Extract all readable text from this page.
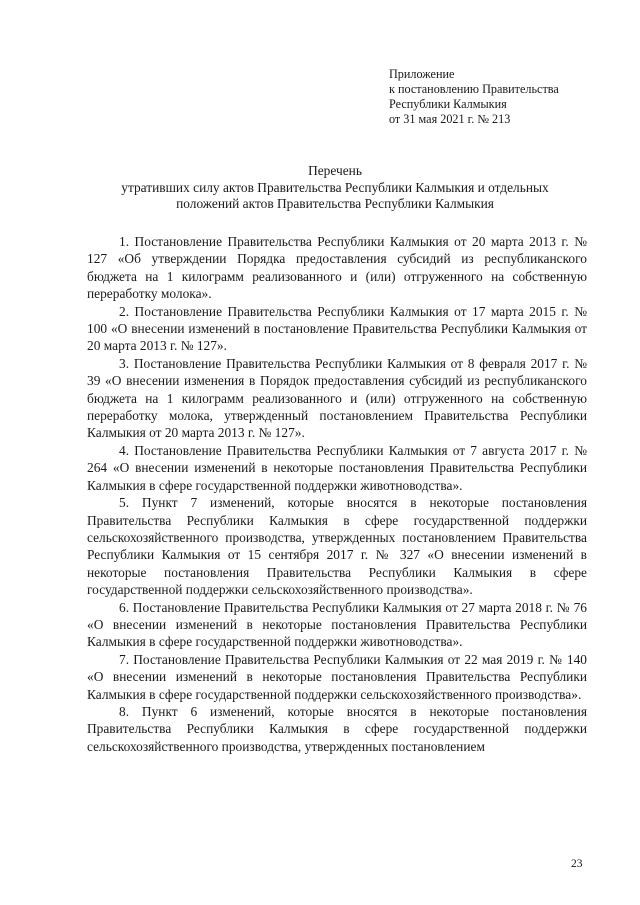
Приложение
к постановлению Правительства
Республики Калмыкия
от 31 мая 2021 г. № 213
Перечень
утративших силу актов Правительства Республики Калмыкия и отдельных
положений актов Правительства Республики Калмыкия

1. Постановление Правительства Республики Калмыкия от 20 марта 2013 г. № 127 «Об утверждении Порядка предоставления субсидий из республиканского бюджета на 1 килограмм реализованного и (или) отгруженного на собственную переработку молока».

2. Постановление Правительства Республики Калмыкия от 17 марта 2015 г. № 100 «О внесении изменений в постановление Правительства Республики Калмыкия от 20 марта 2013 г. № 127».

3. Постановление Правительства Республики Калмыкия от 8 февраля 2017 г. № 39 «О внесении изменения в Порядок предоставления субсидий из республиканского бюджета на 1 килограмм реализованного и (или) отгруженного на собственную переработку молока, утвержденный постановлением Правительства Республики Калмыкия от 20 марта 2013 г. № 127».

4. Постановление Правительства Республики Калмыкия от 7 августа 2017 г. № 264 «О внесении изменений в некоторые постановления Правительства Республики Калмыкия в сфере государственной поддержки животноводства».

5. Пункт 7 изменений, которые вносятся в некоторые постановления Правительства Республики Калмыкия в сфере государственной поддержки сельскохозяйственного производства, утвержденных постановлением Правительства Республики Калмыкия от 15 сентября 2017 г. № 327 «О внесении изменений в некоторые постановления Правительства Республики Калмыкия в сфере государственной поддержки сельскохозяйственного производства».

6. Постановление Правительства Республики Калмыкия от 27 марта 2018 г. № 76 «О внесении изменений в некоторые постановления Правительства Республики Калмыкия в сфере государственной поддержки животноводства».

7. Постановление Правительства Республики Калмыкия от 22 мая 2019 г. № 140 «О внесении изменений в некоторые постановления Правительства Республики Калмыкия в сфере государственной поддержки сельскохозяйственного производства».

8. Пункт 6 изменений, которые вносятся в некоторые постановления Правительства Республики Калмыкия в сфере государственной поддержки сельскохозяйственного производства, утвержденных постановлением

23
